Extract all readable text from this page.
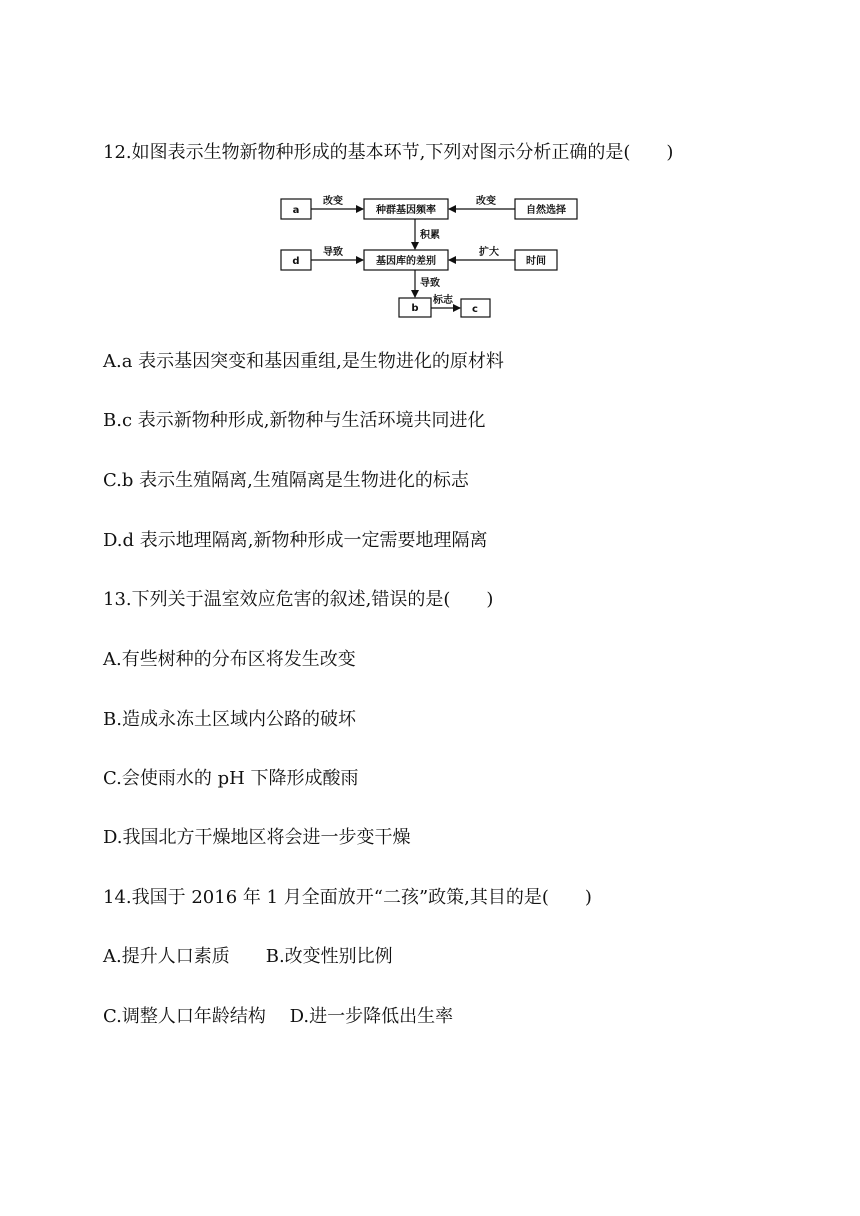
12.如图表示生物新物种形成的基本环节,下列对图示分析正确的是(　　)
a	种群基因频率	自然选择
d	基因库的差别	时间
b	c
改变	改变
积累
导致	扩大
导致
标志
A.a 表示基因突变和基因重组,是生物进化的原材料
B.c 表示新物种形成,新物种与生活环境共同进化
C.b 表示生殖隔离,生殖隔离是生物进化的标志
D.d 表示地理隔离,新物种形成一定需要地理隔离
13.下列关于温室效应危害的叙述,错误的是(　　)
A.有些树种的分布区将发生改变
B.造成永冻土区域内公路的破坏
C.会使雨水的 pH 下降形成酸雨
D.我国北方干燥地区将会进一步变干燥
14.我国于 2016 年 1 月全面放开“二孩”政策,其目的是(　　)
A.提升人口素质　　B.改变性别比例
C.调整人口年龄结构　 D.进一步降低出生率
